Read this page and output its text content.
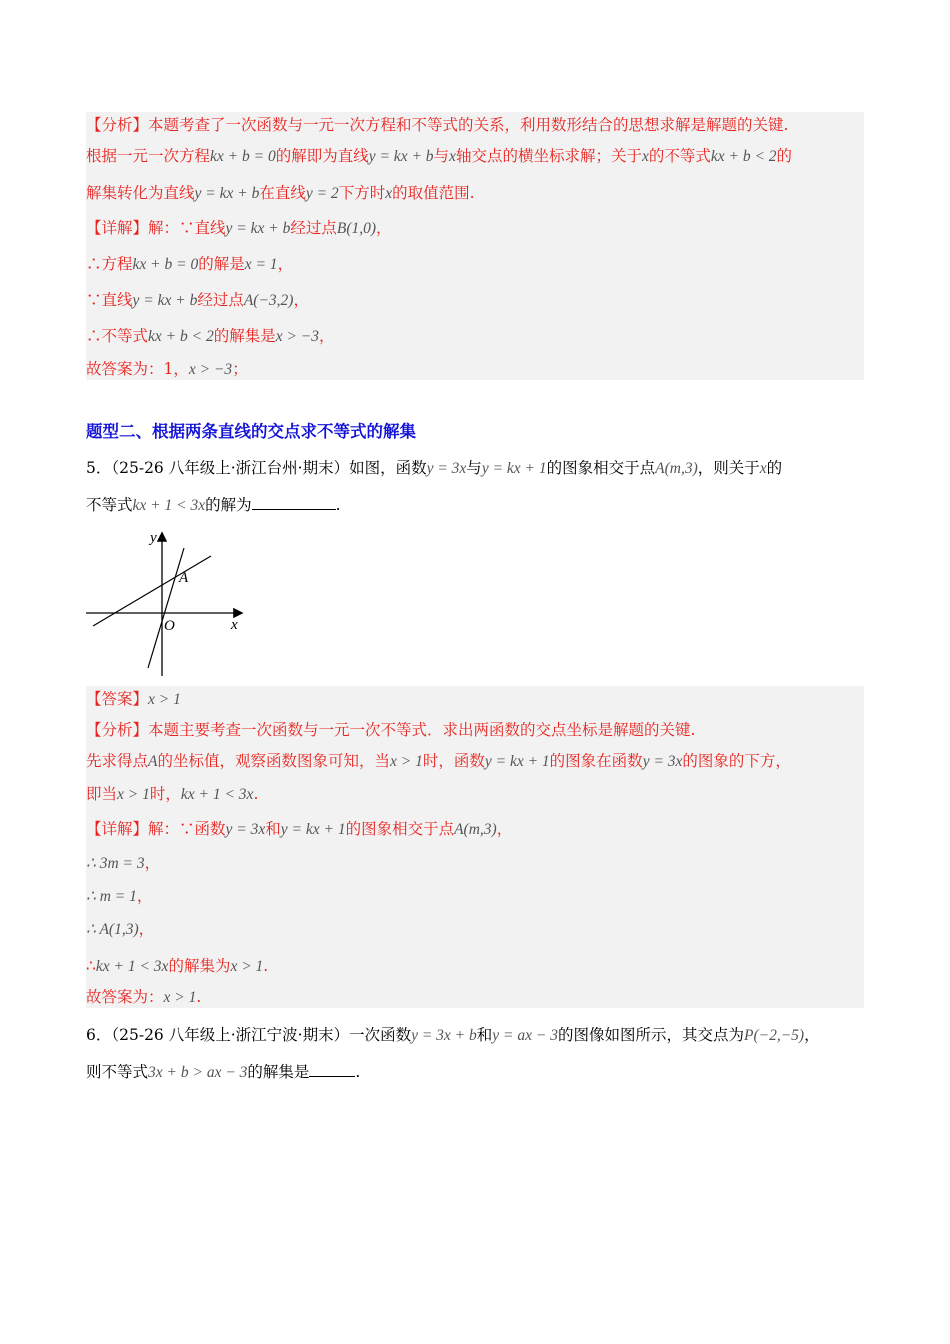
【分析】本题考查了一次函数与一元一次方程和不等式的关系，利用数形结合的思想求解是解题的关键.
根据一元一次方程kx + b = 0的解即为直线y = kx + b与x轴交点的横坐标求解；关于x的不等式kx + b < 2的
解集转化为直线y = kx + b在直线y = 2下方时x的取值范围.
【详解】解：∵直线y = kx + b经过点B(1,0)，
∴方程kx + b = 0的解是x = 1，
∵直线y = kx + b经过点A(−3,2)，
∴不等式kx + b < 2的解集是x > −3，
故答案为：1，x > −3；
题型二、根据两条直线的交点求不等式的解集
5．（25-26 八年级上·浙江台州·期末）如图，函数y = 3x与y = kx + 1的图象相交于点A(m,3)，则关于x的
不等式kx + 1 < 3x的解为	.
y
x
O
A
【答案】x > 1
【分析】本题主要考查一次函数与一元一次不等式．求出两函数的交点坐标是解题的关键.
先求得点A的坐标值，观察函数图象可知，当x > 1时，函数y = kx + 1的图象在函数y = 3x的图象的下方，
即当x > 1时，kx + 1 < 3x.
【详解】解：∵函数y = 3x和y = kx + 1的图象相交于点A(m,3)，
∴ 3m = 3，
∴ m = 1，
∴ A(1,3)，
∴kx + 1 < 3x的解集为x > 1.
故答案为：x > 1.
6．（25-26 八年级上·浙江宁波·期末）一次函数y = 3x + b和y = ax − 3的图像如图所示，其交点为P(−2,−5)，
则不等式3x + b > ax − 3的解集是	.
